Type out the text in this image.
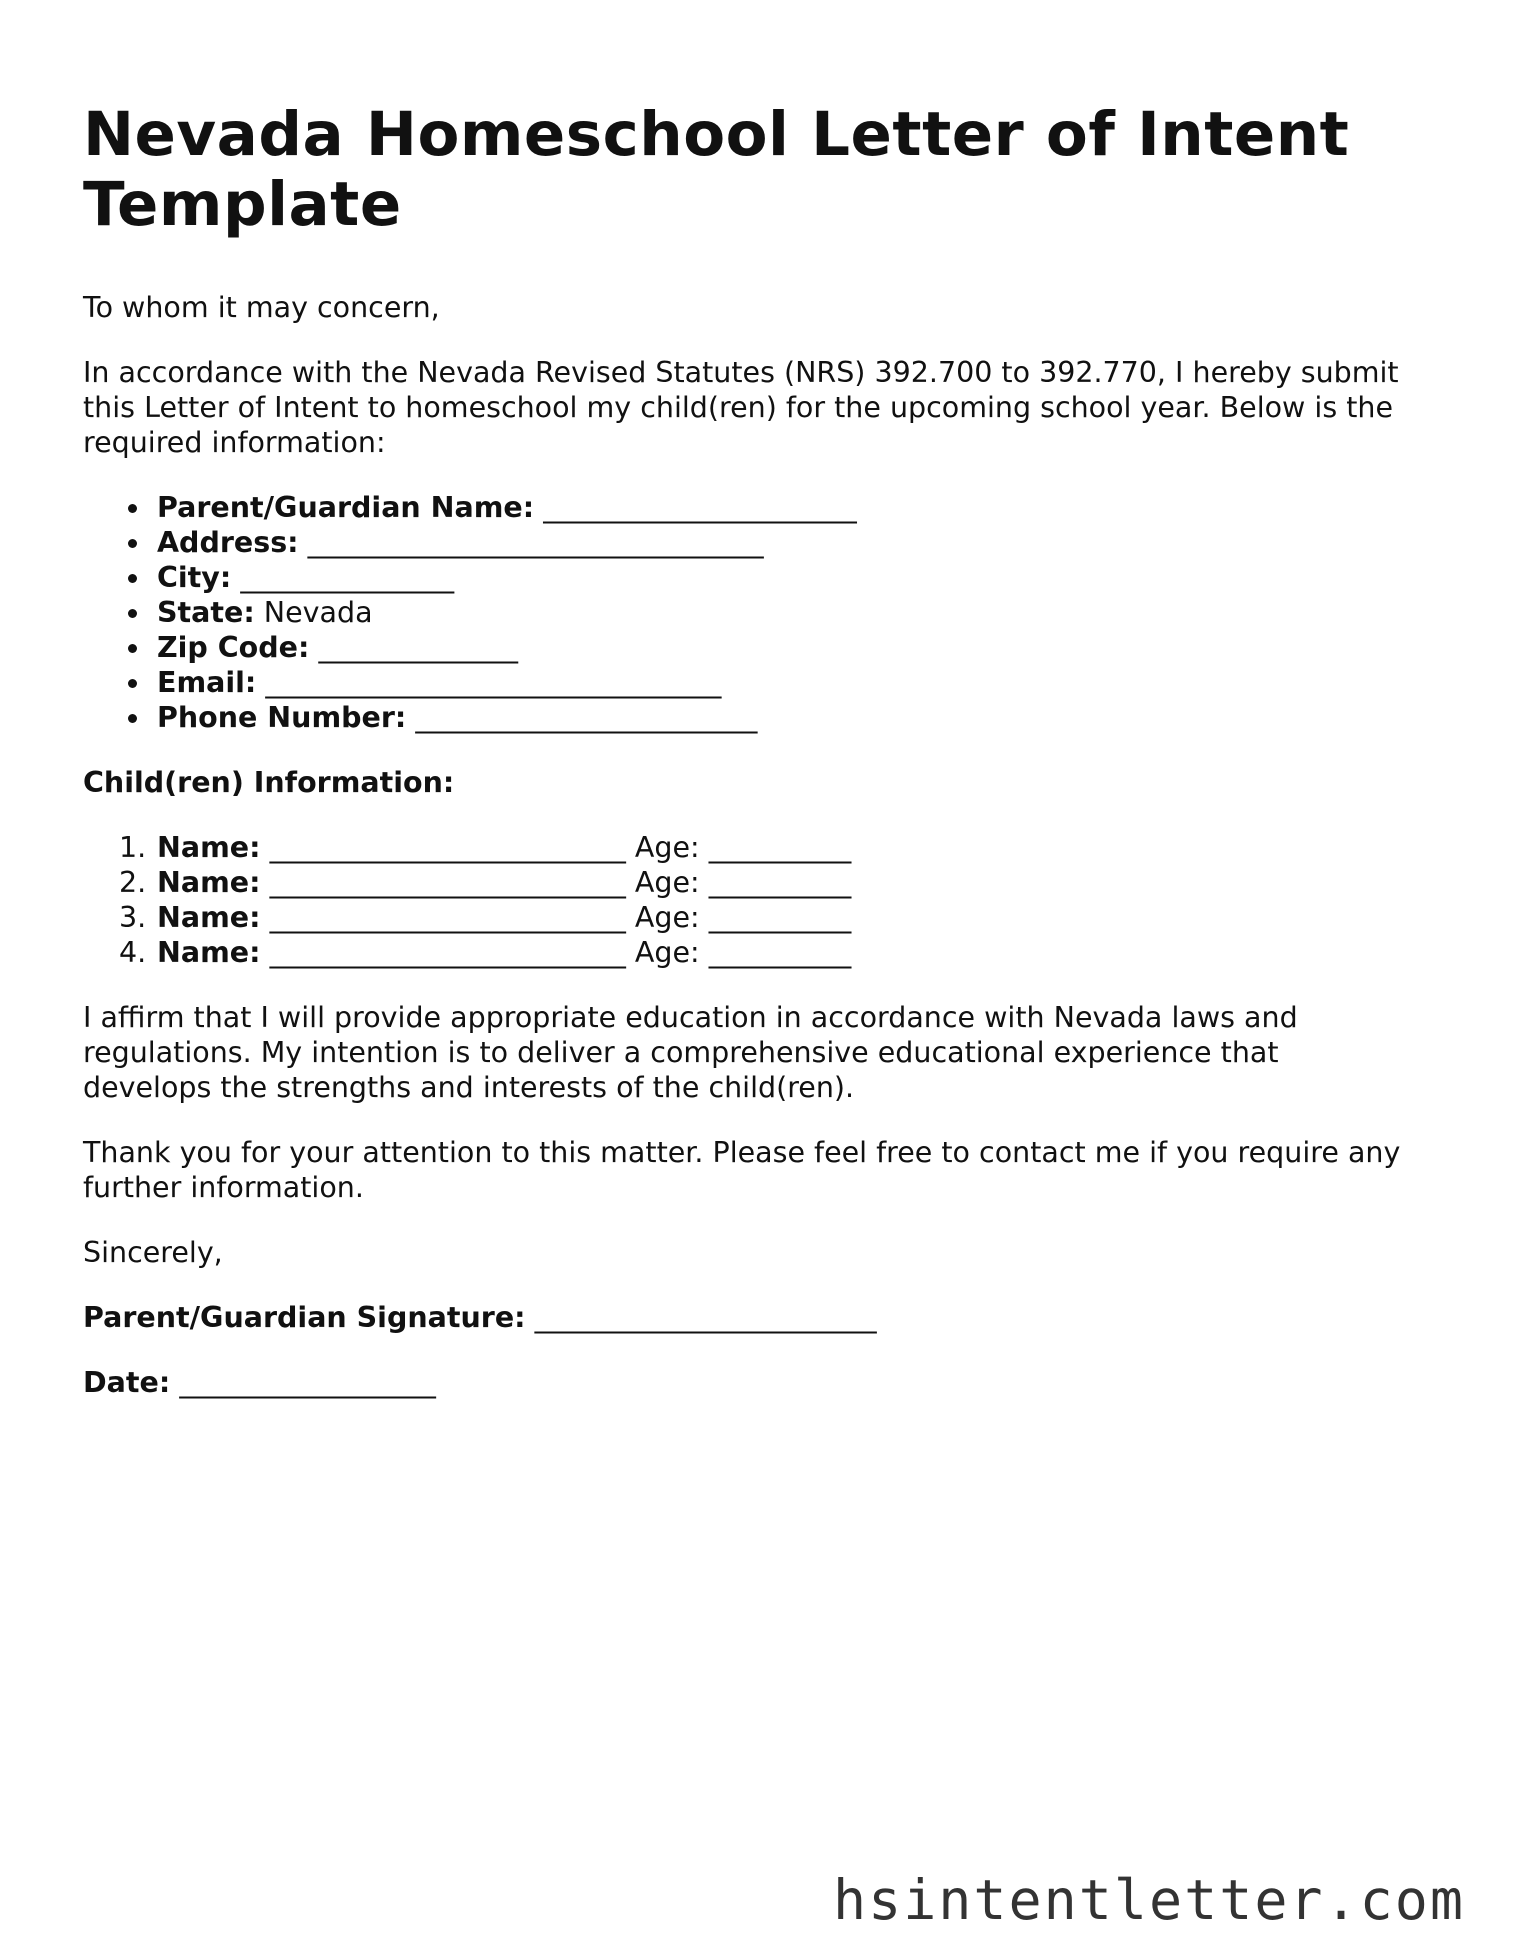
Nevada Homeschool Letter of Intent Template

To whom it may concern,

In accordance with the Nevada Revised Statutes (NRS) 392.700 to 392.770, I hereby submit this Letter of Intent to homeschool my child(ren) for the upcoming school year. Below is the required information:

Parent/Guardian Name: ______________________
Address: ________________________________
City: _______________
State: Nevada
Zip Code: ______________
Email: ________________________________
Phone Number: ________________________

Child(ren) Information:

1. Name: _________________________ Age: __________
2. Name: _________________________ Age: __________
3. Name: _________________________ Age: __________
4. Name: _________________________ Age: __________

I affirm that I will provide appropriate education in accordance with Nevada laws and regulations. My intention is to deliver a comprehensive educational experience that develops the strengths and interests of the child(ren).

Thank you for your attention to this matter. Please feel free to contact me if you require any further information.

Sincerely,

Parent/Guardian Signature: ________________________

Date: __________________

hsintentletter.com
